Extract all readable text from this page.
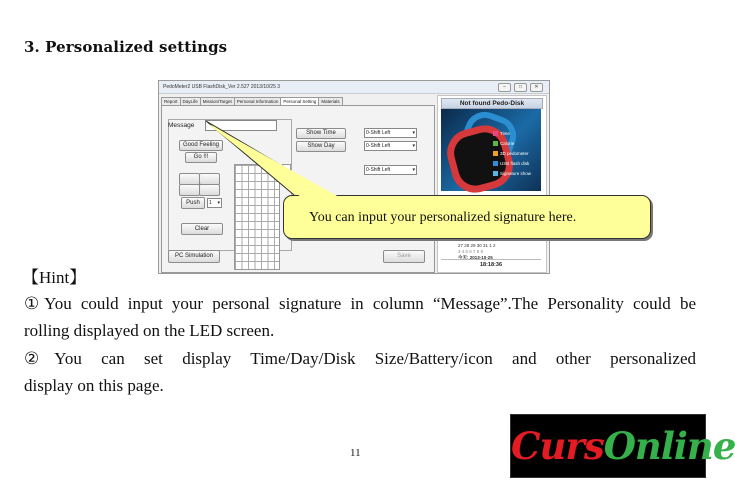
3. Personalized settings
PedoMeter2 USB FlashDisk_Ver 2.527 2013/10/25 3	–	□	✕
Report	DayLife	Mission/Target	Personal Information	Personal Setting	Materials
Show Time	0-Shift Left ▾
Show Day	0-Shift Left ▾
0-Shift Left ▾
PC Simulation	Save
Message
Good Feeling
Go !!!
Push	1 ▾
Clear
Not found Pedo-Disk
Time
Calorie
3D pedometer
USB flash disk
Signature show
27 28 29 30 31 1 2
3 4 5 6 7 8 9
今天: 2013-10-25
18:18:36
You can input your personalized signature here.
【Hint】
①You could input your personal signature in column “Message”.The Personality could be
rolling displayed on the LED screen.
②You can set display Time/Day/Disk Size/Battery/icon and other personalized
display on this page.
11	CursOnline
